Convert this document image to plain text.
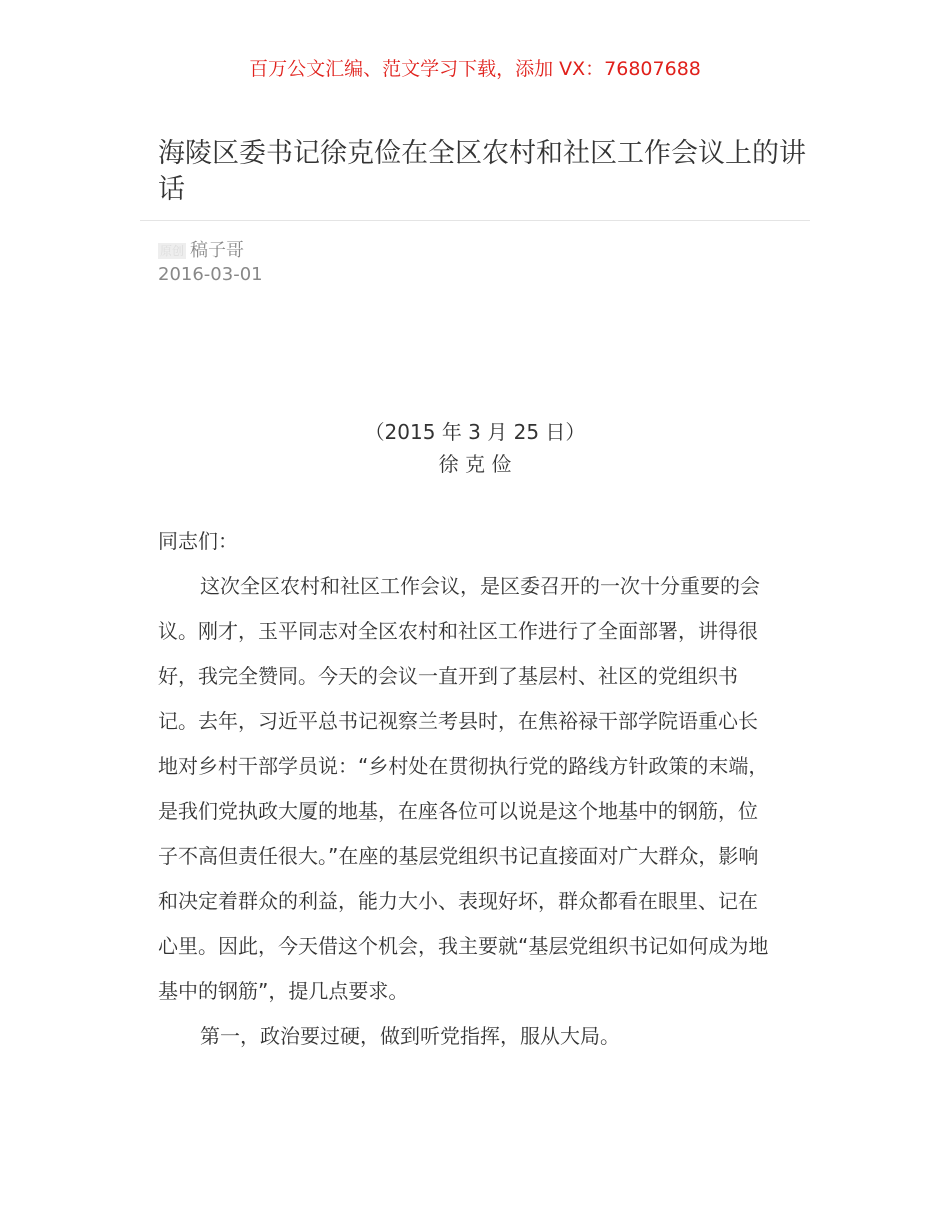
百万公文汇编、范文学习下载，添加 VX：76807688
海陵区委书记徐克俭在全区农村和社区工作会议上的讲
话
原创 稿子哥
2016-03-01
（2015 年 3 月 25 日）
徐 克 俭
同志们：
这次全区农村和社区工作会议，是区委召开的一次十分重要的会
议。刚才，玉平同志对全区农村和社区工作进行了全面部署，讲得很
好，我完全赞同。今天的会议一直开到了基层村、社区的党组织书
记。去年，习近平总书记视察兰考县时，在焦裕禄干部学院语重心长
地对乡村干部学员说：“乡村处在贯彻执行党的路线方针政策的末端，
是我们党执政大厦的地基，在座各位可以说是这个地基中的钢筋，位
子不高但责任很大。”在座的基层党组织书记直接面对广大群众，影响
和决定着群众的利益，能力大小、表现好坏，群众都看在眼里、记在
心里。因此，今天借这个机会，我主要就“基层党组织书记如何成为地
基中的钢筋”，提几点要求。
第一，政治要过硬，做到听党指挥，服从大局。
